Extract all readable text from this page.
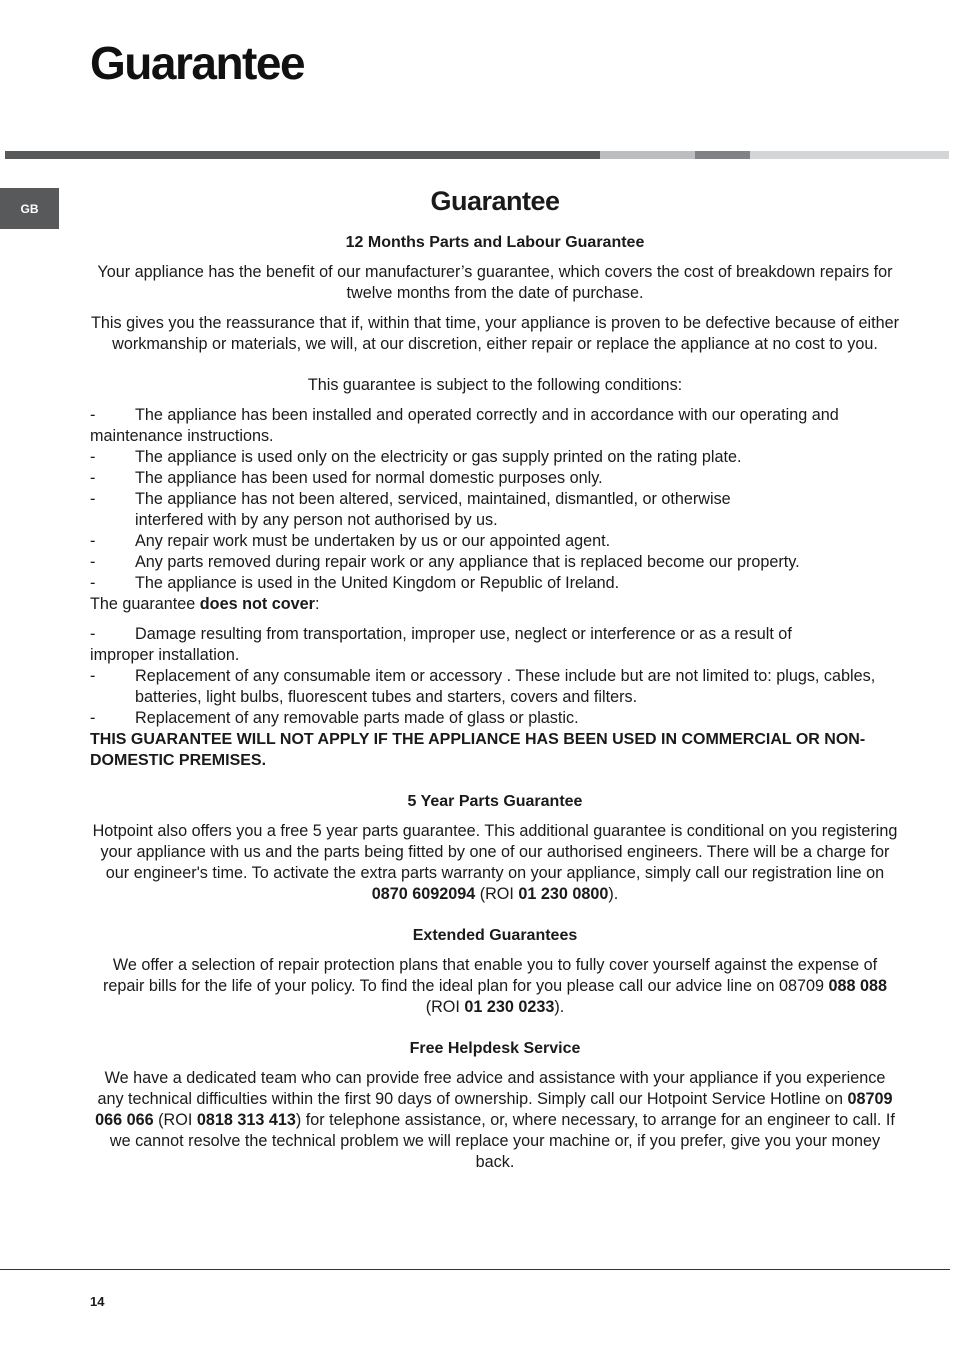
Guarantee
GB	Guarantee
12 Months Parts and Labour Guarantee

Your appliance has the benefit of our manufacturer’s guarantee, which covers the cost of breakdown repairs for twelve months from the date of purchase.

This gives you the reassurance that if, within that time, your appliance is proven to be defective because of either workmanship or materials, we will, at our discretion, either repair or replace the appliance at no cost to you.

This guarantee is subject to the following conditions:

- The appliance has been installed and operated correctly and in accordance with our operating and maintenance instructions.
- The appliance is used only on the electricity or gas supply printed on the rating plate.
- The appliance has been used for normal domestic purposes only.
- The appliance has not been altered, serviced, maintained, dismantled, or otherwise interfered with by any person not authorised by us.
- Any repair work must be undertaken by us or our appointed agent.
- Any parts removed during repair work or any appliance that is replaced become our property.
- The appliance is used in the United Kingdom or Republic of Ireland.

The guarantee does not cover:

- Damage resulting from transportation, improper use, neglect or interference or as a result of improper installation.
- Replacement of any consumable item or accessory . These include but are not limited to: plugs, cables, batteries, light bulbs, fluorescent tubes and starters, covers and filters.
- Replacement of any removable parts made of glass or plastic.

THIS GUARANTEE WILL NOT APPLY IF THE APPLIANCE HAS BEEN USED IN COMMERCIAL OR NON-DOMESTIC PREMISES.

5 Year Parts Guarantee

Hotpoint also offers you a free 5 year parts guarantee. This additional guarantee is conditional on you registering your appliance with us and the parts being fitted by one of our authorised engineers. There will be a charge for our engineer's time. To activate the extra parts warranty on your appliance, simply call our registration line on 0870 6092094 (ROI 01 230 0800).

Extended Guarantees

We offer a selection of repair protection plans that enable you to fully cover yourself against the expense of repair bills for the life of your policy. To find the ideal plan for you please call our advice line on 08709 088 088 (ROI 01 230 0233).

Free Helpdesk Service

We have a dedicated team who can provide free advice and assistance with your appliance if you experience any technical difficulties within the first 90 days of ownership. Simply call our Hotpoint Service Hotline on 08709 066 066 (ROI 0818 313 413) for telephone assistance, or, where necessary, to arrange for an engineer to call. If we cannot resolve the technical problem we will replace your machine or, if you prefer, give you your money back.

14
